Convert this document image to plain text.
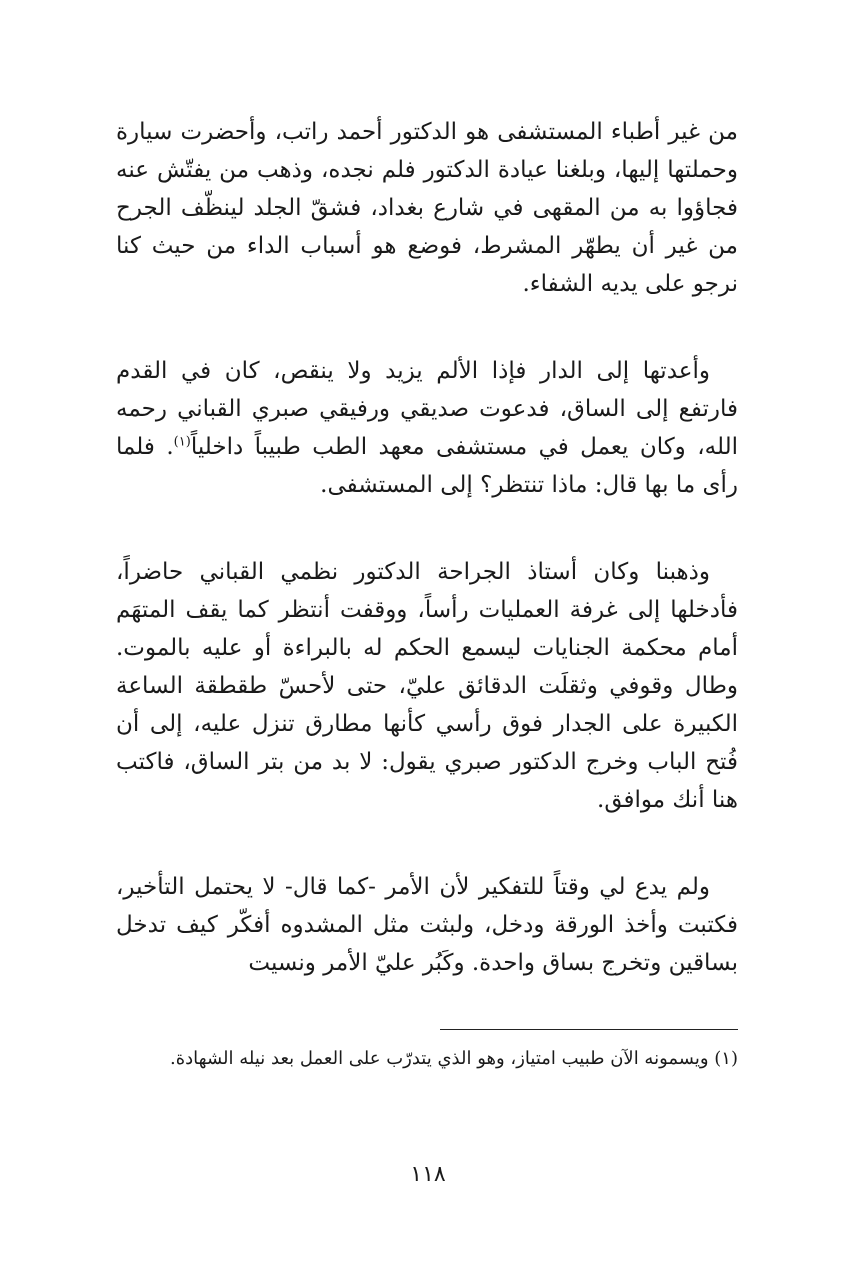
من غير أطباء المستشفى هو الدكتور أحمد راتب، وأحضرت سيارة وحملتها إليها، وبلغنا عيادة الدكتور فلم نجده، وذهب من يفتّش عنه فجاؤوا به من المقهى في شارع بغداد، فشقّ الجلد لينظّف الجرح من غير أن يطهّر المشرط، فوضع هو أسباب الداء من حيث كنا نرجو على يديه الشفاء.

وأعدتها إلى الدار فإذا الألم يزيد ولا ينقص، كان في القدم فارتفع إلى الساق، فدعوت صديقي ورفيقي صبري القباني رحمه الله، وكان يعمل في مستشفى معهد الطب طبيباً داخلياً$^{(١)}$. فلما رأى ما بها قال: ماذا تنتظر؟ إلى المستشفى.

وذهبنا وكان أستاذ الجراحة الدكتور نظمي القباني حاضراً، فأدخلها إلى غرفة العمليات رأساً، ووقفت أنتظر كما يقف المتهَم أمام محكمة الجنايات ليسمع الحكم له بالبراءة أو عليه بالموت. وطال وقوفي وثقلَت الدقائق عليّ، حتى لأحسّ طقطقة الساعة الكبيرة على الجدار فوق رأسي كأنها مطارق تنزل عليه، إلى أن فُتح الباب وخرج الدكتور صبري يقول: لا بد من بتر الساق، فاكتب هنا أنك موافق.

ولم يدع لي وقتاً للتفكير لأن الأمر -كما قال- لا يحتمل التأخير، فكتبت وأخذ الورقة ودخل، ولبثت مثل المشدوه أفكّر كيف تدخل بساقين وتخرج بساق واحدة. وكَبُر عليّ الأمر ونسيت

(١) ويسمونه الآن طبيب امتياز، وهو الذي يتدرّب على العمل بعد نيله الشهادة.

١١٨
